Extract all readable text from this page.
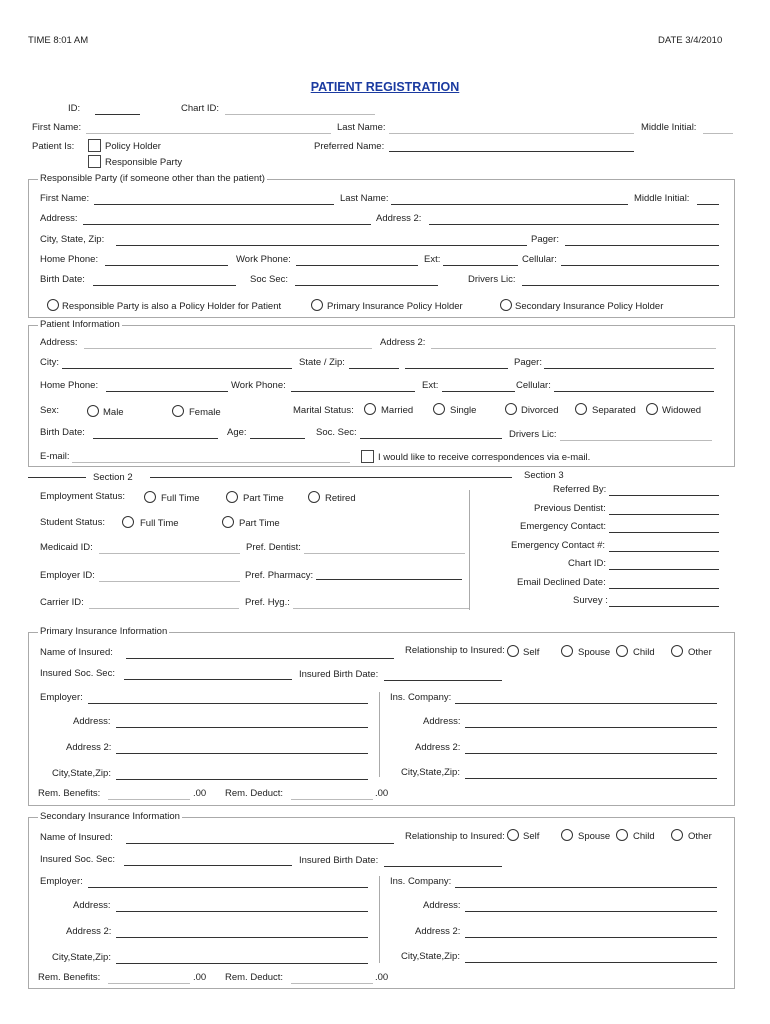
TIME 8:01 AM	DATE 3/4/2010
PATIENT REGISTRATION
ID:	Chart ID:
First Name:	Last Name:	Middle Initial:
Patient Is:	Policy Holder
Responsible Party
Preferred Name:
Responsible Party (if someone other than the patient)
First Name:	Last Name:	Middle Initial:
Address:	Address 2:
City, State, Zip:	Pager:
Home Phone:	Work Phone:	Ext:	Cellular:
Birth Date:	Soc Sec:	Drivers Lic:
Responsible Party is also a Policy Holder for Patient	Primary Insurance Policy Holder	Secondary Insurance Policy Holder
Patient Information
Address:	Address 2:
City:	State / Zip:	Pager:
Home Phone:	Work Phone:	Ext:	Cellular:
Sex:	Male	Female	Marital Status:	Married	Single	Divorced	Separated	Widowed
Birth Date:	Age:	Soc. Sec:	Drivers Lic:
E-mail:	I would like to receive correspondences via e-mail.
Section 2	Section 3
Employment Status:	Full Time	Part Time	Retired
Student Status:	Full Time	Part Time
Medicaid ID:	Pref. Dentist:
Employer ID:	Pref. Pharmacy:
Carrier ID:	Pref. Hyg.:
Referred By:
Previous Dentist:
Emergency Contact:
Emergency Contact #:
Chart ID:
Email Declined Date:
Survey :
Primary Insurance Information
Name of Insured:	Relationship to Insured: Self	Spouse Child	Other
Insured Soc. Sec:	Insured Birth Date:
Employer:	Ins. Company:
Address:	Address:
Address 2:	Address 2:
City,State,Zip:	City,State,Zip:
Rem. Benefits:	.00 Rem. Deduct:	.00
Secondary Insurance Information
Name of Insured:	Relationship to Insured: Self	Spouse Child	Other
Insured Soc. Sec:	Insured Birth Date:
Employer:	Ins. Company:
Address:	Address:
Address 2:	Address 2:
City,State,Zip:	City,State,Zip:
Rem. Benefits:	.00 Rem. Deduct:	.00
